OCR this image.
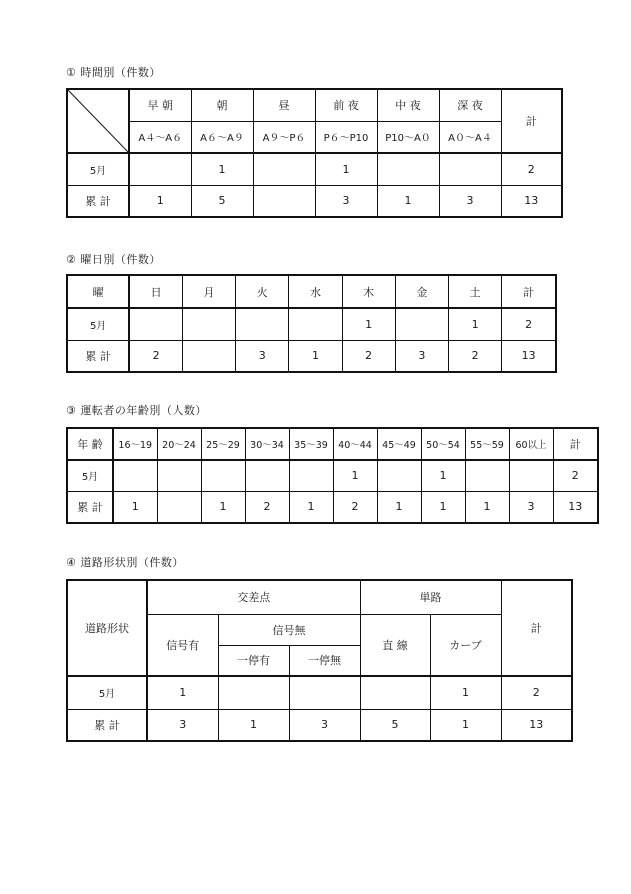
① 時間別（件数）
	早 朝	朝	昼	前 夜	中 夜	深 夜	計
	A４～A６	A６～A９	A９～P６	P６～P10	P10～A０	A０～A４	
5月		1		1			2
累 計	1	5		3	1	3	13
② 曜日別（件数）
曜	日	月	火	水	木	金	土	計
5月					1		1	2
累 計	2		3	1	2	3	2	13
③ 運転者の年齢別（人数）
年 齢	16～19	20～24	25～29	30～34	35～39	40～44	45～49	50～54	55～59	60以上	計
5月						1		1			2
累 計	1		1	2	1	2	1	1	1	3	13
④ 道路形状別（件数）
道路形状	交差点			単路		計
	信号有	信号無		直 線	カーブ	
		一停有	一停無			
5月	1				1	2
累 計	3	1	3	5	1	13
